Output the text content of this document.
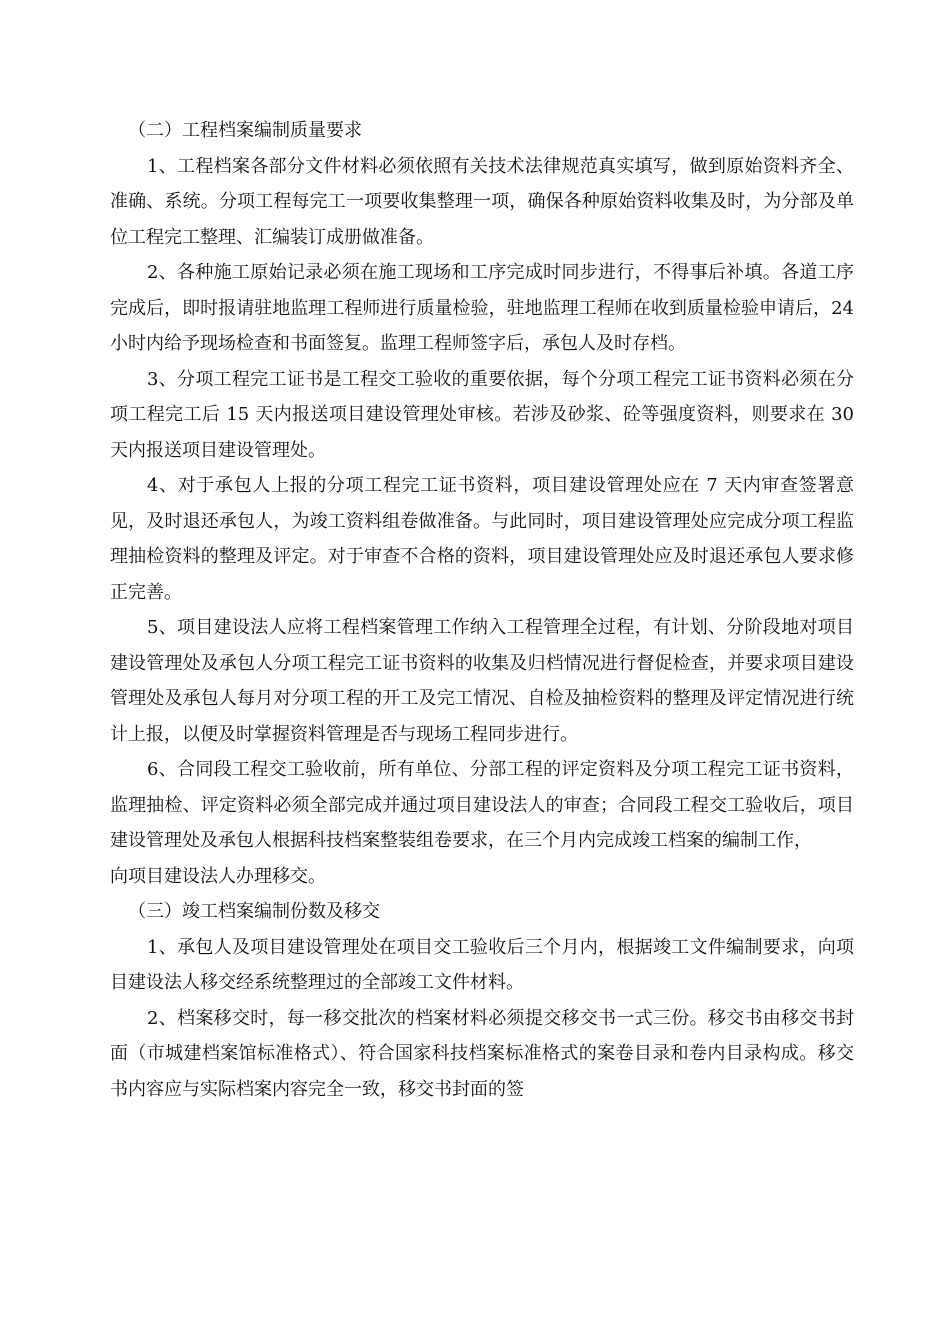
（二）工程档案编制质量要求

1、工程档案各部分文件材料必须依照有关技术法律规范真实填写，做到原始资料齐全、准确、系统。分项工程每完工一项要收集整理一项，确保各种原始资料收集及时，为分部及单位工程完工整理、汇编装订成册做准备。

2、各种施工原始记录必须在施工现场和工序完成时同步进行，不得事后补填。各道工序完成后，即时报请驻地监理工程师进行质量检验，驻地监理工程师在收到质量检验申请后，24 小时内给予现场检查和书面签复。监理工程师签字后，承包人及时存档。

3、分项工程完工证书是工程交工验收的重要依据，每个分项工程完工证书资料必须在分项工程完工后 15 天内报送项目建设管理处审核。若涉及砂浆、砼等强度资料，则要求在 30 天内报送项目建设管理处。

4、对于承包人上报的分项工程完工证书资料，项目建设管理处应在 7 天内审查签署意见，及时退还承包人，为竣工资料组卷做准备。与此同时，项目建设管理处应完成分项工程监理抽检资料的整理及评定。对于审查不合格的资料，项目建设管理处应及时退还承包人要求修正完善。

5、项目建设法人应将工程档案管理工作纳入工程管理全过程，有计划、分阶段地对项目建设管理处及承包人分项工程完工证书资料的收集及归档情况进行督促检查，并要求项目建设管理处及承包人每月对分项工程的开工及完工情况、自检及抽检资料的整理及评定情况进行统计上报，以便及时掌握资料管理是否与现场工程同步进行。

6、合同段工程交工验收前，所有单位、分部工程的评定资料及分项工程完工证书资料，监理抽检、评定资料必须全部完成并通过项目建设法人的审查；合同段工程交工验收后，项目建设管理处及承包人根据科技档案整装组卷要求，在三个月内完成竣工档案的编制工作，

向项目建设法人办理移交。

（三）竣工档案编制份数及移交

1、承包人及项目建设管理处在项目交工验收后三个月内，根据竣工文件编制要求，向项目建设法人移交经系统整理过的全部竣工文件材料。

2、档案移交时，每一移交批次的档案材料必须提交移交书一式三份。移交书由移交书封面（市城建档案馆标准格式）、符合国家科技档案标准格式的案卷目录和卷内目录构成。移交书内容应与实际档案内容完全一致，移交书封面的签
